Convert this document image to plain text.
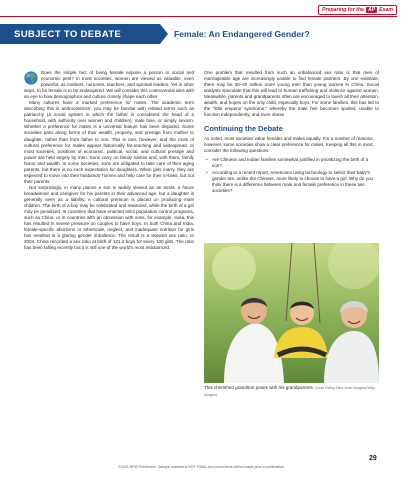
Preparing for the AP Exam
SUBJECT TO DEBATE	Female: An Endangered Gender?

Does the simple fact of being female expose a person to social and economic peril? In most societies, women are viewed as valuable, even powerful, as mothers, nurturers, teachers, and spiritual leaders. Yet in other ways, to be female is to be endangered. We will consider this controversial idea with an eye to how demographics and culture closely shape each other.

Many cultures have a marked preference for males. The academic term describing this is androcentrism: you may be familiar with related terms such as patriarchy (a social system in which the father is considered the head of a household, with authority over women and children), male bias, or simply sexism. Whether a preference for males is a universal feature has been disputed. Some societies pass along forms of their wealth, property, and prestige from mother to daughter, rather than from father to son. This is rare, however, and the roots of cultural preference for males appear historically far-reaching and widespread. In most societies, positions of economic, political, social, and cultural prestige and power are held largely by men. Sons carry on family names and, with them, family honor and wealth. In some societies, sons are obligated to take care of their aging parents, but there is no such expectation for daughters. When girls marry, they are expected to move into their husbands' homes and help care for their in-laws, but not their parents.

Not surprisingly, in many places a son is widely viewed as an asset, a future breadwinner and caregiver for his parents in their advanced age, but a daughter is generally seen as a liability. A cultural premium is placed on producing male children. The birth of a boy may be celebrated and rewarded, while the birth of a girl may be penalized. In countries that have enacted strict population control programs, such as China, or in countries with an obsession with sons, for example, India, this has resulted in severe pressure on couples to have boys. In both China and India, female-specific abortions or infanticide, neglect, and inadequate nutrition for girls has resulted in a glaring gender imbalance. The result is a skewed sex ratio. In 2004, China recorded a sex ratio at birth of 121.2 boys for every 100 girls. The ratio has been falling recently but it is still one of the world's most imbalanced.

One problem that resulted from such an unbalanced sex ratio is that men of marriageable age are increasingly unable to find female partners. By one estimate, there may be 30–40 million more young men than young women in China. Social analysts speculate that this will lead to human trafficking and violence against women. Meanwhile, parents and grandparents often are encouraged to lavish all their attention, wealth, and hopes on the only child, especially boys. For some families, this has led to the "little emperor syndrome," whereby the male heir becomes spoiled, unable to function independently, and even obese.

Continuing the Debate

As noted, most societies value females and males equally. For a number of reasons, however, some societies show a clear preference for males. Keeping all this in mind, consider the following questions:

• Are Chinese and Indian families somewhat justified in prioritizing the birth of a son?
• According to a recent report, Americans using technology to select their baby's gender are, unlike the Chinese, more likely to choose to have a girl. Why do you think there is a difference between male and female preference in these two societies?
This cherished grandson poses with his grandparents. (Liuis Ostey/ Blue Jean Images/Getty Images)
29
©2021 BFW Publishers. Sample material is NOT FINAL and corrections will be made prior to publication.
